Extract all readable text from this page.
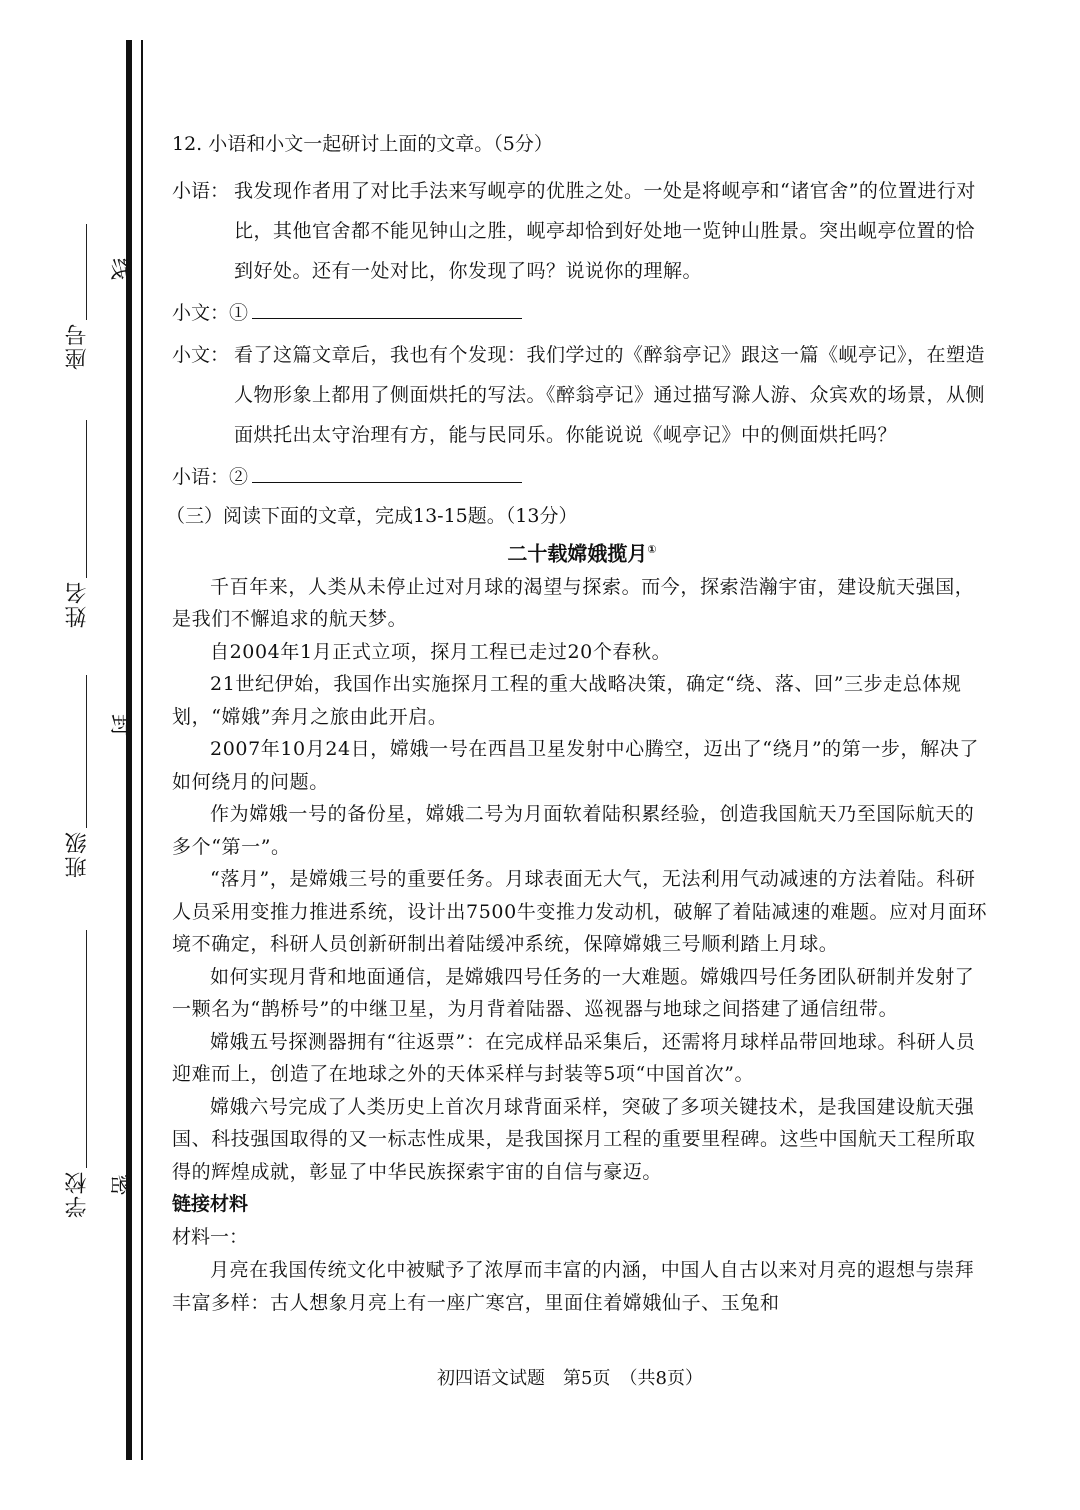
座号
姓名
班级
学校
线
封
密
12. 小语和小文一起研讨上面的文章。（5分）
小语： 我发现作者用了对比手法来写岘亭的优胜之处。一处是将岘亭和“诸官舍”的位置进行对比，其他官舍都不能见钟山之胜，岘亭却恰到好处地一览钟山胜景。突出岘亭位置的恰到好处。还有一处对比，你发现了吗？说说你的理解。
小文：①
小文： 看了这篇文章后，我也有个发现：我们学过的《醉翁亭记》跟这一篇《岘亭记》，在塑造人物形象上都用了侧面烘托的写法。《醉翁亭记》通过描写滁人游、众宾欢的场景，从侧面烘托出太守治理有方，能与民同乐。你能说说《岘亭记》中的侧面烘托吗？
小语：②
（三）阅读下面的文章，完成13-15题。（13分）
二十载嫦娥揽月①
千百年来，人类从未停止过对月球的渴望与探索。而今，探索浩瀚宇宙，建设航天强国，是我们不懈追求的航天梦。
自2004年1月正式立项，探月工程已走过20个春秋。
21世纪伊始，我国作出实施探月工程的重大战略决策，确定“绕、落、回”三步走总体规划，“嫦娥”奔月之旅由此开启。
2007年10月24日，嫦娥一号在西昌卫星发射中心腾空，迈出了“绕月”的第一步，解决了如何绕月的问题。
作为嫦娥一号的备份星，嫦娥二号为月面软着陆积累经验，创造我国航天乃至国际航天的多个“第一”。
“落月”，是嫦娥三号的重要任务。月球表面无大气，无法利用气动减速的方法着陆。科研人员采用变推力推进系统，设计出7500牛变推力发动机，破解了着陆减速的难题。应对月面环境不确定，科研人员创新研制出着陆缓冲系统，保障嫦娥三号顺利踏上月球。
如何实现月背和地面通信，是嫦娥四号任务的一大难题。嫦娥四号任务团队研制并发射了一颗名为“鹊桥号”的中继卫星，为月背着陆器、巡视器与地球之间搭建了通信纽带。
嫦娥五号探测器拥有“往返票”：在完成样品采集后，还需将月球样品带回地球。科研人员迎难而上，创造了在地球之外的天体采样与封装等5项“中国首次”。
嫦娥六号完成了人类历史上首次月球背面采样，突破了多项关键技术，是我国建设航天强国、科技强国取得的又一标志性成果，是我国探月工程的重要里程碑。这些中国航天工程所取得的辉煌成就，彰显了中华民族探索宇宙的自信与豪迈。
链接材料
材料一：
月亮在我国传统文化中被赋予了浓厚而丰富的内涵，中国人自古以来对月亮的遐想与崇拜丰富多样：古人想象月亮上有一座广寒宫，里面住着嫦娥仙子、玉兔和
初四语文试题　第5页　（共8页）
